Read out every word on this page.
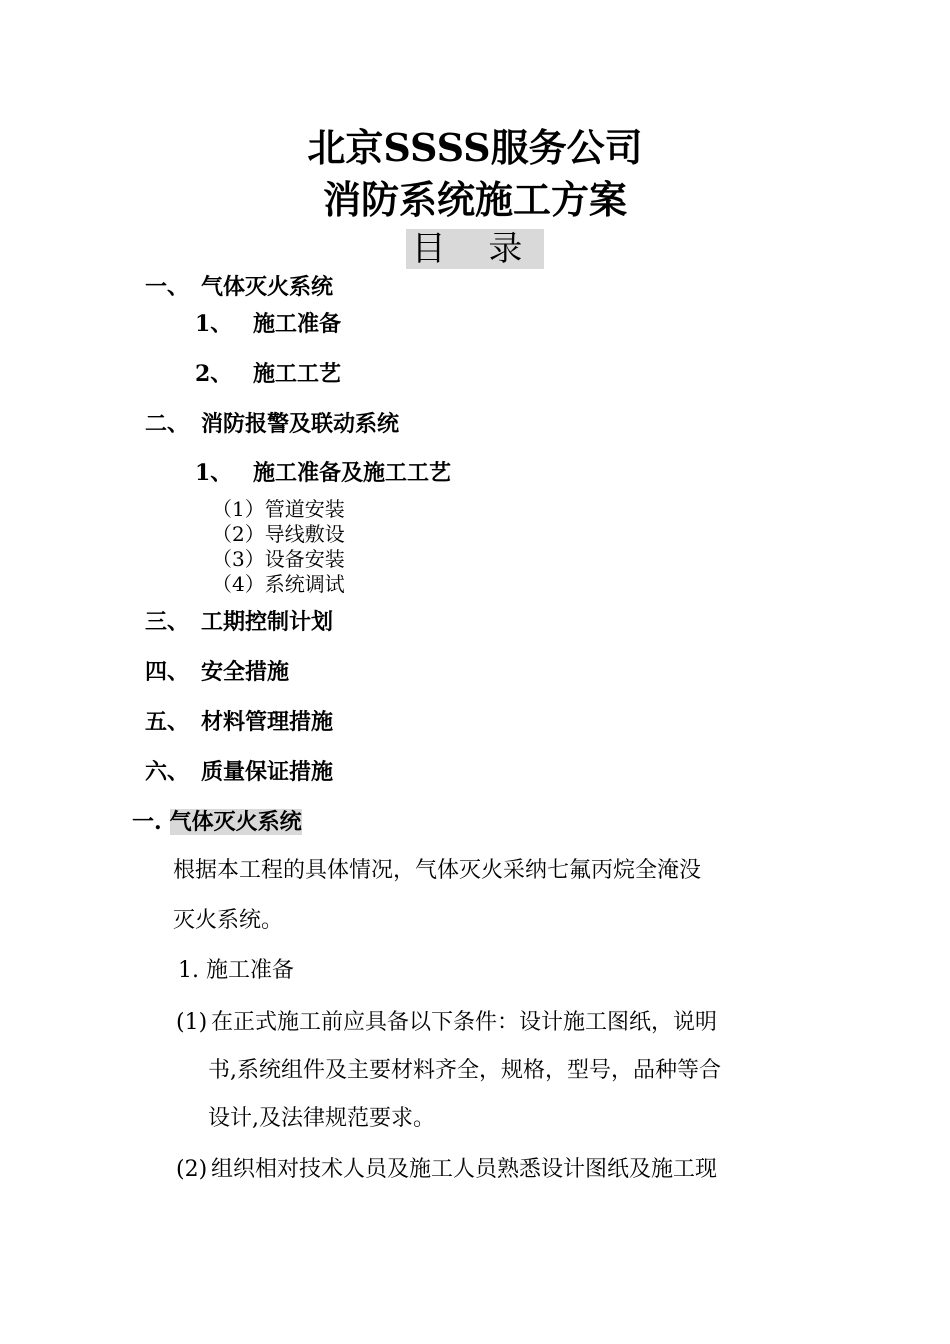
北京SSSS服务公司
消防系统施工方案
目 录
一、 气体灭火系统
1、 施工准备
2、 施工工艺
二、 消防报警及联动系统
1、 施工准备及施工工艺
（1）管道安装
（2）导线敷设
（3）设备安装
（4）系统调试
三、 工期控制计划
四、 安全措施
五、 材料管理措施
六、 质量保证措施
一. 气体灭火系统
根据本工程的具体情况，气体灭火采纳七氟丙烷全淹没
灭火系统。
1. 施工准备
(1) 在正式施工前应具备以下条件：设计施工图纸，说明
书,系统组件及主要材料齐全，规格，型号，品种等合
设计,及法律规范要求。
(2) 组织相对技术人员及施工人员熟悉设计图纸及施工现
